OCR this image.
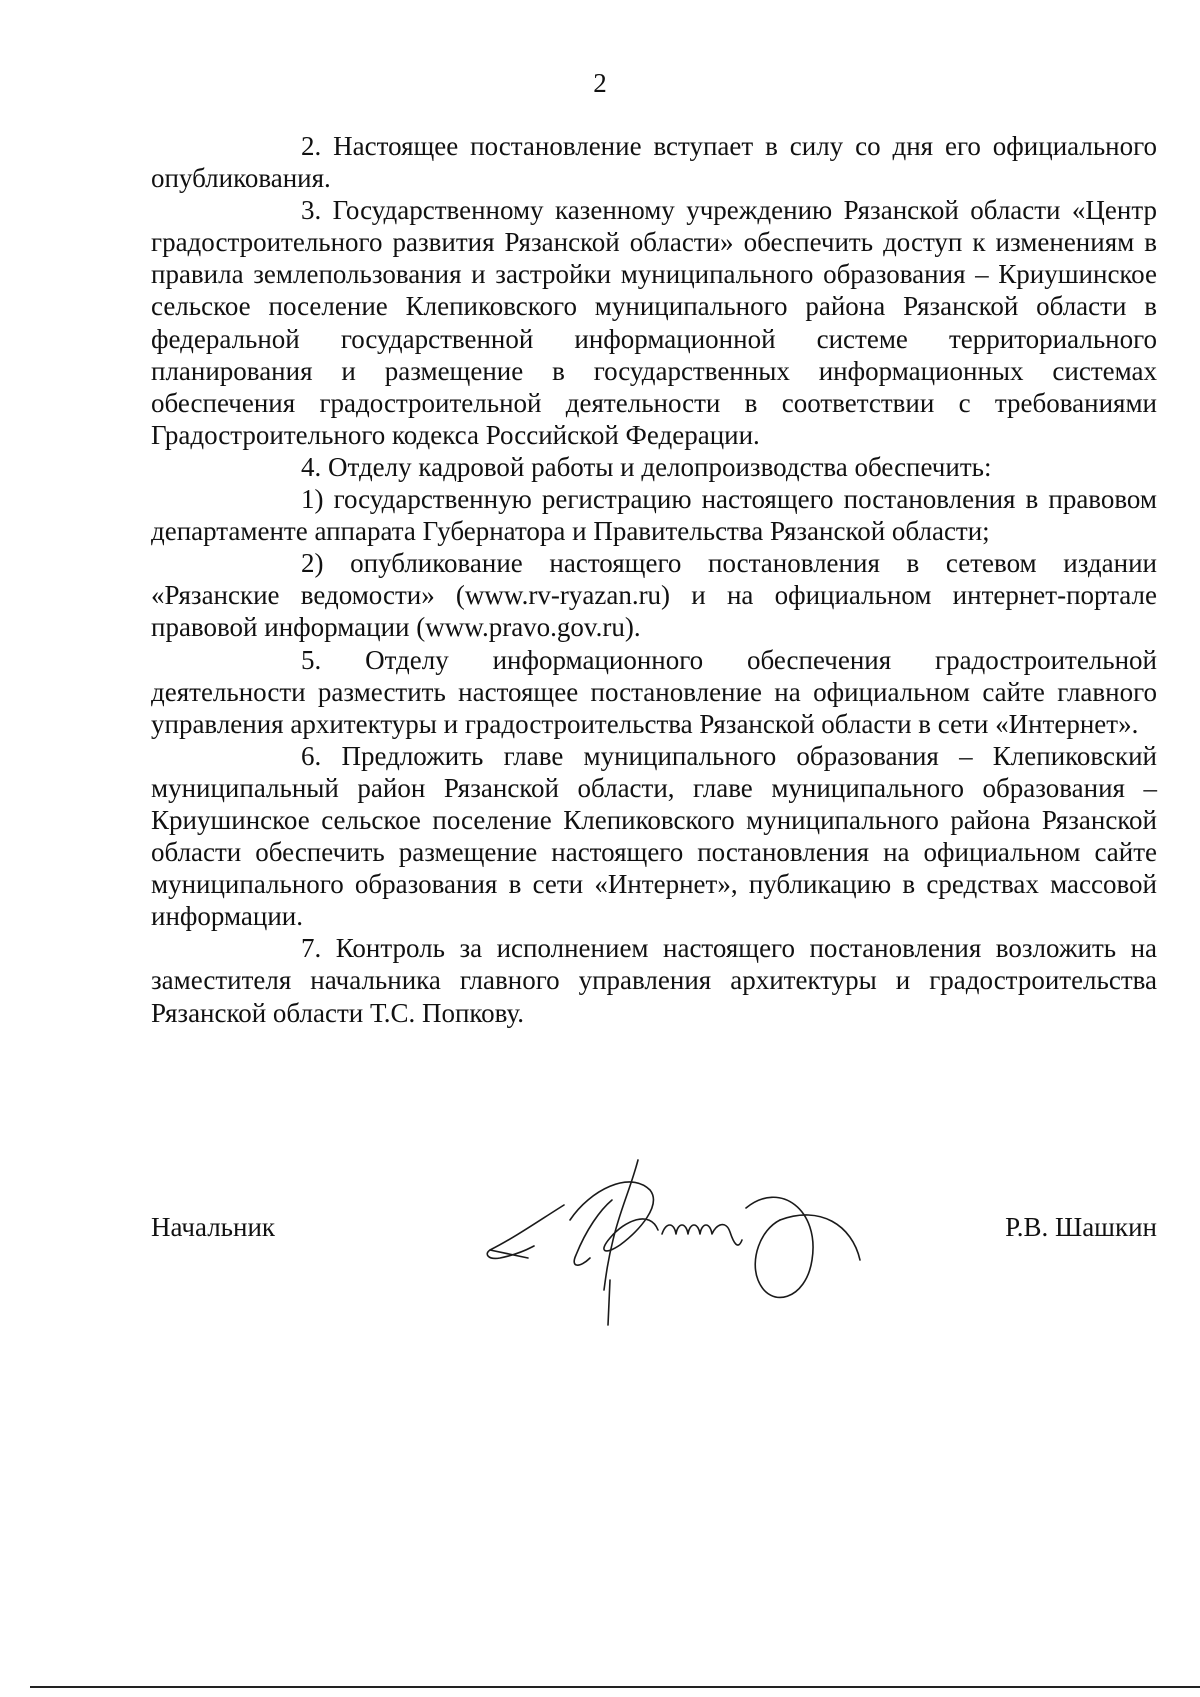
2

2. Настоящее постановление вступает в силу со дня его официального опубликования.

3. Государственному казенному учреждению Рязанской области «Центр градостроительного развития Рязанской области» обеспечить доступ к изменениям в правила землепользования и застройки муниципального образования – Криушинское сельское поселение Клепиковского муниципального района Рязанской области в федеральной государственной информационной системе территориального планирования и размещение в государственных информационных системах обеспечения градостроительной деятельности в соответствии с требованиями Градостроительного кодекса Российской Федерации.

4. Отделу кадровой работы и делопроизводства обеспечить:

1) государственную регистрацию настоящего постановления в правовом департаменте аппарата Губернатора и Правительства Рязанской области;

2) опубликование настоящего постановления в сетевом издании «Рязанские ведомости» (www.rv-ryazan.ru) и на официальном интернет-портале правовой информации (www.pravo.gov.ru).

5. Отделу информационного обеспечения градостроительной деятельности разместить настоящее постановление на официальном сайте главного управления архитектуры и градостроительства Рязанской области в сети «Интернет».

6. Предложить главе муниципального образования – Клепиковский муниципальный район Рязанской области, главе муниципального образования – Криушинское сельское поселение Клепиковского муниципального района Рязанской области обеспечить размещение настоящего постановления на официальном сайте муниципального образования в сети «Интернет», публикацию в средствах массовой информации.

7. Контроль за исполнением настоящего постановления возложить на заместителя начальника главного управления архитектуры и градостроительства Рязанской области Т.С. Попкову.

Начальник	Р.В. Шашкин
